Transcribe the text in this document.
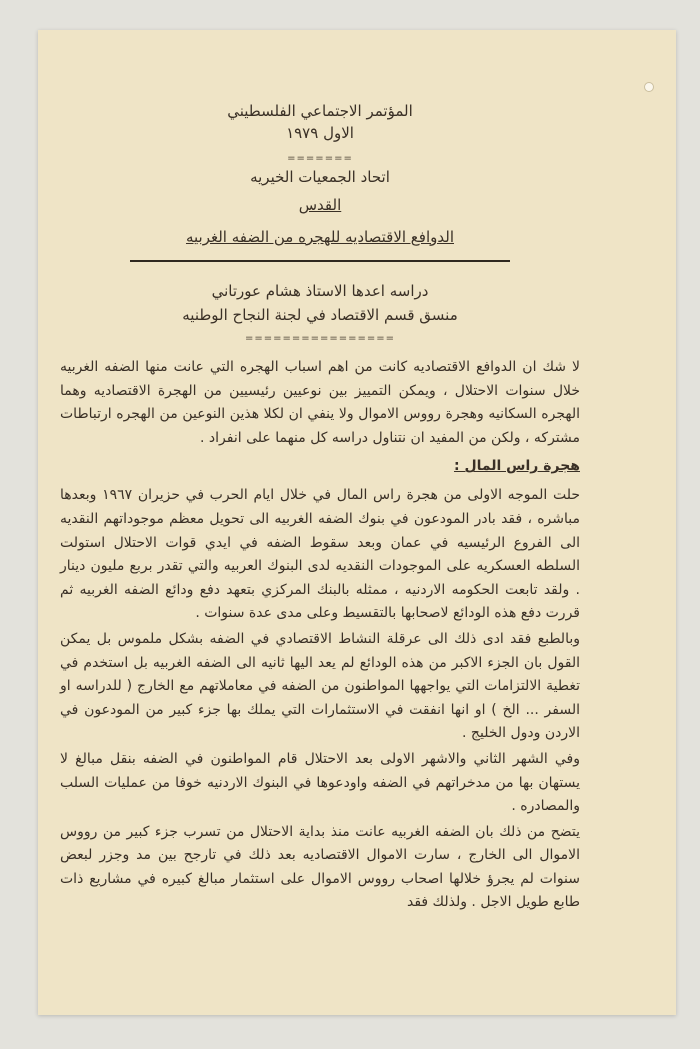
المؤتمر الاجتماعي الفلسطيني
الاول ١٩٧٩
=======
اتحاد الجمعيات الخيريه
القدس
الدوافع الاقتصاديه للهجره من الضفه الغربيه
دراسه اعدها الاستاذ هشام عورتاني
منسق قسم الاقتصاد في لجنة النجاح الوطنيه
================

لا شك ان الدوافع الاقتصاديه كانت من اهم اسباب الهجره التي عانت منها الضفه الغربيه خلال سنوات الاحتلال ، ويمكن التمييز بين نوعيين رئيسيين من الهجرة الاقتصاديه وهما الهجره السكانيه وهجرة رووس الاموال ولا ينفي ان لكلا هذين النوعين من الهجره ارتباطات مشتركه ، ولكن من المفيد ان نتناول دراسه كل منهما على انفراد .

هجرة راس المال :

حلت الموجه الاولى من هجرة راس المال في خلال ايام الحرب في حزيران ١٩٦٧ وبعدها مباشره ، فقد بادر المودعون في بنوك الضفه الغربيه الى تحويل معظم موجوداتهم النقديه الى الفروع الرئيسيه في عمان وبعد سقوط الضفه في ايدي قوات الاحتلال استولت السلطه العسكريه على الموجودات النقديه لدى البنوك العربيه والتي تقدر بربع مليون دينار . ولقد تابعت الحكومه الاردنيه ، ممثله بالبنك المركزي بتعهد دفع ودائع الضفه الغربيه ثم قررت دفع هذه الودائع لاصحابها بالتقسيط وعلى مدى عدة سنوات .

وبالطبع فقد ادى ذلك الى عرقلة النشاط الاقتصادي في الضفه بشكل ملموس بل يمكن القول بان الجزء الاكبر من هذه الودائع لم يعد اليها ثانيه الى الضفه الغربيه بل استخدم في تغطية الالتزامات التي يواجهها المواطنون من الضفه في معاملاتهم مع الخارج ( للدراسه او السفر ... الخ ) او انها انفقت في الاستثمارات التي يملك بها جزء كبير من المودعون في الاردن ودول الخليج .

وفي الشهر الثاني والاشهر الاولى بعد الاحتلال قام المواطنون في الضفه بنقل مبالغ لا يستهان بها من مدخراتهم في الضفه واودعوها في البنوك الاردنيه خوفا من عمليات السلب والمصادره .

يتضح من ذلك بان الضفه الغربيه عانت منذ بداية الاحتلال من تسرب جزء كبير من رووس الاموال الى الخارج ، سارت الاموال الاقتصاديه بعد ذلك في تارجح بين مد وجزر لبعض سنوات لم يجرؤ خلالها اصحاب رووس الاموال على استثمار مبالغ كبيره في مشاريع ذات طابع طويل الاجل . ولذلك فقد
